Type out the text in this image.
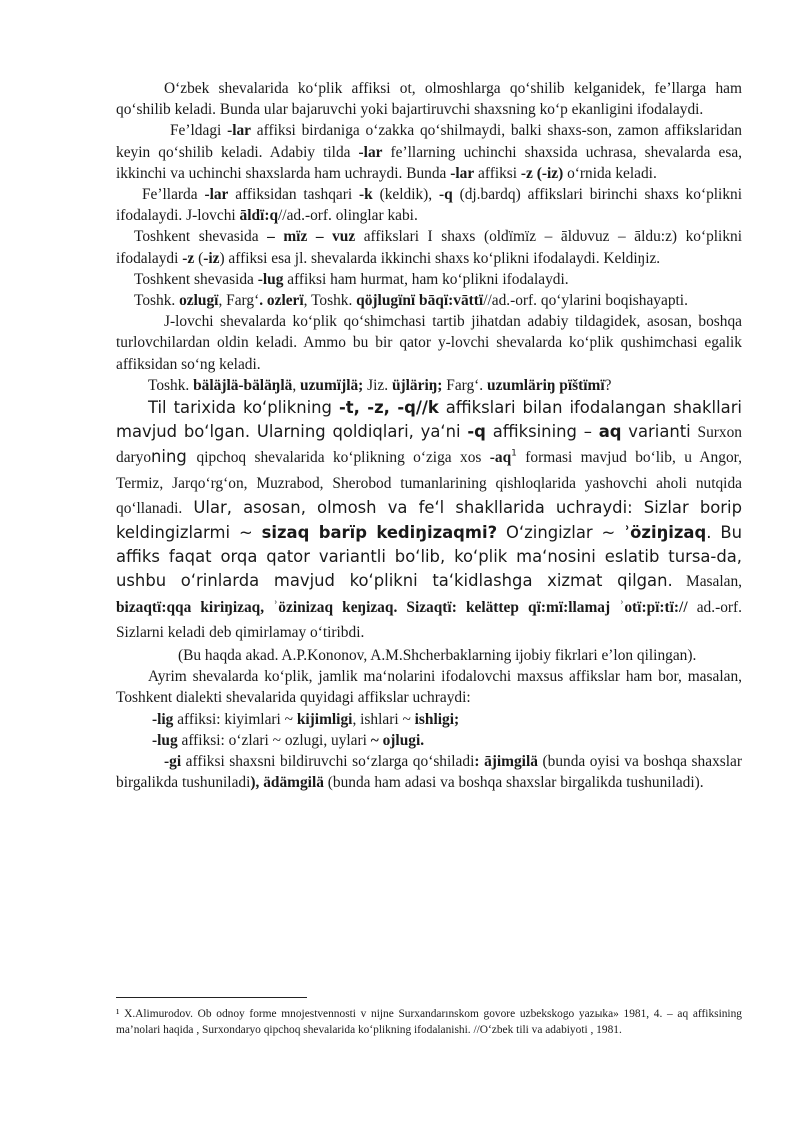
O‘zbek shevalarida ko‘plik affiksi ot, olmoshlarga qo‘shilib kelganidek, fe’llarga ham qo‘shilib keladi. Bunda ular bajaruvchi yoki bajartiruvchi shaxsning ko‘p ekanligini ifodalaydi.

Fe’ldagi -lar affiksi birdaniga o‘zakka qo‘shilmaydi, balki shaxs-son, zamon affikslaridan keyin qo‘shilib keladi. Adabiy tilda -lar fe’llarning uchinchi shaxsida uchrasa, shevalarda esa, ikkinchi va uchinchi shaxslarda ham uchraydi. Bunda -lar affiksi -z (-iz) o‘rnida keladi.

Fe’llarda -lar affiksidan tashqari -k (keldik), -q (dj.bardq) affikslari birinchi shaxs ko‘plikni ifodalaydi. J-lovchi āldï:q//ad.-orf. olinglar kabi.

Toshkent shevasida – mïz – vuz affikslari I shaxs (oldïmïz – āldυvuz – āldu:z) ko‘plikni ifodalaydi -z (-iz) affiksi esa jl. shevalarda ikkinchi shaxs ko‘plikni ifodalaydi. Keldiŋiz.

Toshkent shevasida -lug affiksi ham hurmat, ham ko‘plikni ifodalaydi.

Toshk. ozlugï, Farg‘. ozlerï, Toshk. qöjlugïnï bāqï:vāttï//ad.-orf. qo‘ylarini boqishayapti.

J-lovchi shevalarda ko‘plik qo‘shimchasi tartib jihatdan adabiy tildagidek, asosan, boshqa turlovchilardan oldin keladi. Ammo bu bir qator y-lovchi shevalarda ko‘plik qushimchasi egalik affiksidan so‘ng keladi.

Toshk. bäläjlä-bäläŋlä, uzumïjlä; Jiz. üjläriŋ; Farg‘. uzumläriŋ pïštïmï?

Til tarixida ko‘plikning -t, -z, -q//k affikslari bilan ifodalangan shakllari mavjud bo‘lgan. Ularning qoldiqlari, ya‘ni -q affiksining – aq varianti Surxon daryoning qipchoq shevalarida ko‘plikning o‘ziga xos $-aq^1$ formasi mavjud bo‘lib, u Angor, Termiz, Jarqo‘rg‘on, Muzrabod, Sherobod tumanlarining qishloqlarida yashovchi aholi nutqida qo‘llanadi. Ular, asosan, olmosh va fe‘l shakllarida uchraydi: Sizlar borip keldingizlarmi ~ sizaq barïp kediŋizaqmi? O‘zingizlar ~ ʾöziŋizaq. Bu affiks faqat orqa qator variantli bo‘lib, ko‘plik ma‘nosini eslatib tursa-da, ushbu o‘rinlarda mavjud ko‘plikni ta‘kidlashga xizmat qilgan. Masalan, bizaqtï:qqa kiriŋizaq, ʾözinizaq keŋizaq. Sizaqtï: kelättep qï:mï:llamaj ʾotï:pï:tï:// ad.-orf. Sizlarni keladi deb qimirlamay o‘tiribdi.

(Bu haqda akad. A.P.Kononov, A.M.Shcherbaklarning ijobiy fikrlari e’lon qilingan).

Ayrim shevalarda ko‘plik, jamlik ma‘nolarini ifodalovchi maxsus affikslar ham bor, masalan, Toshkent dialekti shevalarida quyidagi affikslar uchraydi:

-lig affiksi: kiyimlari ~ kijimligi, ishlari ~ ishligi;

-lug affiksi: o‘zlari ~ ozlugi, uylari ~ ojlugi.

-gi affiksi shaxsni bildiruvchi so‘zlarga qo‘shiladi: ājimgilä (bunda oyisi va boshqa shaxslar birgalikda tushuniladi), ädämgilä (bunda ham adasi va boshqa shaxslar birgalikda tushuniladi).

¹ X.Alimurodov. Ob odnoy forme mnojestvennosti v nijne Surxandarınskom govore uzbekskogo yazыka» 1981, 4. – aq affiksining ma’nolari haqida , Surxondaryo qipchoq shevalarida ko‘plikning ifodalanishi. //O‘zbek tili va adabiyoti , 1981.
